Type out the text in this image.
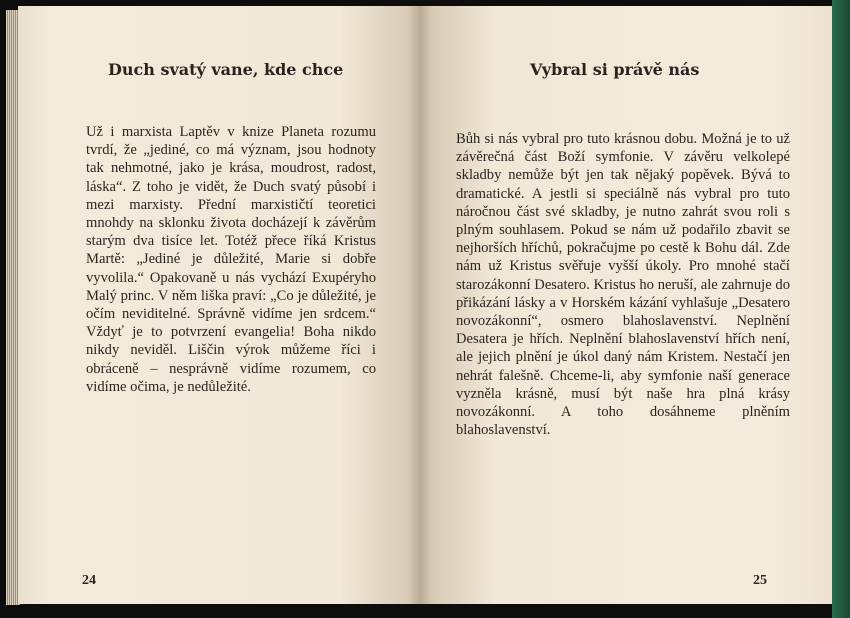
Duch svatý vane, kde chce
Už i marxista Laptěv v knize Planeta rozumu tvrdí, že „jediné, co má význam, jsou hodnoty tak nehmotné, jako je krása, moudrost, radost, láska“. Z toho je vidět, že Duch svatý působí i mezi marxisty. Přední marxističtí teoretici mnohdy na sklonku života docházejí k závěrům starým dva tisíce let. Totéž přece říká Kristus Martě: „Jediné je důležité, Marie si dobře vyvolila.“ Opakovaně u nás vychází Exupéryho Malý princ. V něm liška praví: „Co je důležité, je očím neviditelné. Správně vidíme jen srdcem.“ Vždyť je to potvrzení evangelia! Boha nikdo nikdy neviděl. Liščin výrok můžeme říci i obráceně – nesprávně vidíme rozumem, co vidíme očima, je nedůležité.
24
Vybral si právě nás
Bůh si nás vybral pro tuto krásnou dobu. Možná je to už závěrečná část Boží symfonie. V závěru velkolepé skladby nemůže být jen tak nějaký popěvek. Bývá to dramatické. A jestli si speciálně nás vybral pro tuto náročnou část své skladby, je nutno zahrát svou roli s plným souhlasem. Pokud se nám už podařilo zbavit se nejhorších hříchů, pokračujme po cestě k Bohu dál. Zde nám už Kristus svěřuje vyšší úkoly. Pro mnohé stačí starozákonní Desatero. Kristus ho neruší, ale zahrnuje do přikázání lásky a v Horském kázání vyhlašuje „Desatero novozákonní“, osmero blahoslavenství. Neplnění Desatera je hřích. Neplnění blahoslavenství hřích není, ale jejich plnění je úkol daný nám Kristem. Nestačí jen nehrát falešně. Chceme-li, aby symfonie naší generace vyzněla krásně, musí být naše hra plná krásy novozákonní. A toho dosáhneme plněním blahoslavenství.
25
